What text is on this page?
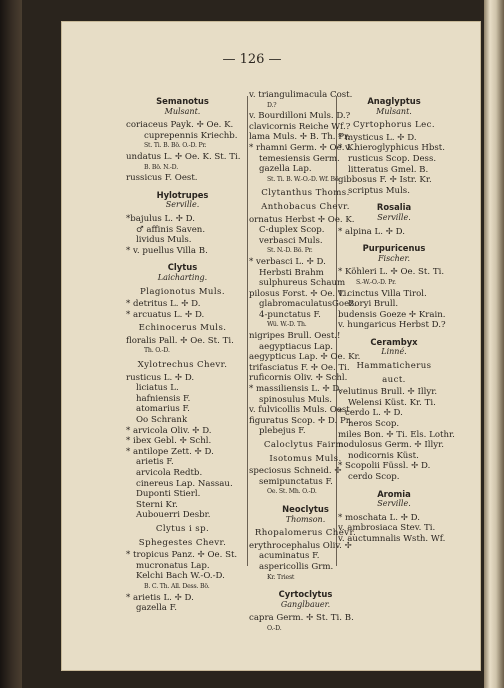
— 126 —
Semanotus
Mulsant.
coriaceus Payk. ✢ Oe. K.
cuprepennis Kriechb.
St. Ti. B. Bö. O.-D. Pr.
undatus L. ✢ Oe. K. St. Ti.
B. Bö. N.-D.
russicus F. Oest.
Hylotrupes
Serville.
*bajulus L. ✢ D.
♂ affinis Saven.
lividus Muls.
* v. puellus Villa B.
Clytus
Laicharting.
Plagionotus Muls.
* detritus L. ✢ D.
* arcuatus L. ✢ D.
Echinocerus Muls.
floralis Pall. ✢ Oe. St. Ti.
Th. O.-D.
Xylotrechus Chevr.
rusticus L. ✢ D.
liciatus L.
hafniensis F.
atomarius F.
Oo Schrank
* arvicola Oliv. ✢ D.
* ibex Gebl. ✢ Schl.
* antilope Zett. ✢ D.
arietis F.
arvicola Redtb.
cinereus Lap. Nassau.
Duponti Stierl.
Sterni Kr.
Aubouerri Desbr.
Clytus i sp.
Sphegestes Chevr.
* tropicus Panz. ✢ Oe. St.
mucronatus Lap.
Kelchi Bach W.-O.-D.
B. C. Th. All. Dess. Bö.
* arietis L. ✢ D.
gazella F.
v. triangulimacula Cost.
D.?
v. Bourdilloni Muls. D.?
clavicornis Reiche Wf.?
lama Muls. ✢ B. Th. Pr.
* rhamni Germ. ✢ Oe. K.
temesiensis Germ.
gazella Lap.
St. Ti. B. W.-O.-D. Wf. Bö.
Clytanthus Thoms.
Anthobacus Chevr.
ornatus Herbst ✢ Oe. K.
C-duplex Scop.
verbasci Muls.
St. N.-D. Bö. Pr.
* verbasci L. ✢ D.
Herbsti Brahm
sulphureus Schaum
pilosus Forst. ✢ Oe. Ti.
glabromaculatusGoez.
4-punctatus F.
Wü. W.-D. Th.
nigripes Brull. Oest.!
aegyptiacus Lap.
aegypticus Lap. ✢ Oe. Kr.
trifasciatus F. ✢ Oe. Ti.
ruficornis Oliv. ✢ Schl.
* massiliensis L. ✢ D.
spinosulus Muls.
v. fulvicollis Muls. Oest.
figuratus Scop. ✢ D. Pr.
plebejus F.
Caloclytus Fairm.
Isotomus Muls.
speciosus Schneid. ✢
semipunctatus F.
Oe. St. Mh. O.-D.
Neoclytus
Thomson.
Rhopalomerus Chevr.
erythrocephalus Oliv. ✢
acuminatus F.
aspericollis Grm.
Kr. Triest
Cyrtoclytus
Ganglbauer.
capra Germ. ✢ St. Ti. B.
O.-D.
Anaglyptus
Mulsant.
Cyrtophorus Lec.
* mysticus L. ✢ D.
* v. hieroglyphicus Hbst.
rusticus Scop. Dess.
litteratus Gmel. B.
gibbosus F. ✢ Istr. Kr.
scriptus Muls.
Rosalia
Serville.
* alpina L. ✢ D.
Purpuricenus
Fischer.
* Köhleri L. ✢ Oe. St. Ti.
S.-W.-O.-D. Pr.
v. cinctus Villa Tirol.
Boryi Brull.
budensis Goeze ✢ Krain.
v. hungaricus Herbst D.?
Cerambyx
Linné.
Hammaticherus
auct.
velutinus Brull. ✢ Illyr.
Welensi Küst. Kr. Ti.
* cerdo L. ✢ D.
heros Scop.
miles Bon. ✢ Ti. Els. Lothr.
nodulosus Germ. ✢ Illyr.
nodicornis Küst.
* Scopolii Füssl. ✢ D.
cerdo Scop.
Aromia
Serville.
* moschata L. ✢ D.
v. ambrosiaca Stev. Ti.
v. auctumnalis Wsth. Wf.
